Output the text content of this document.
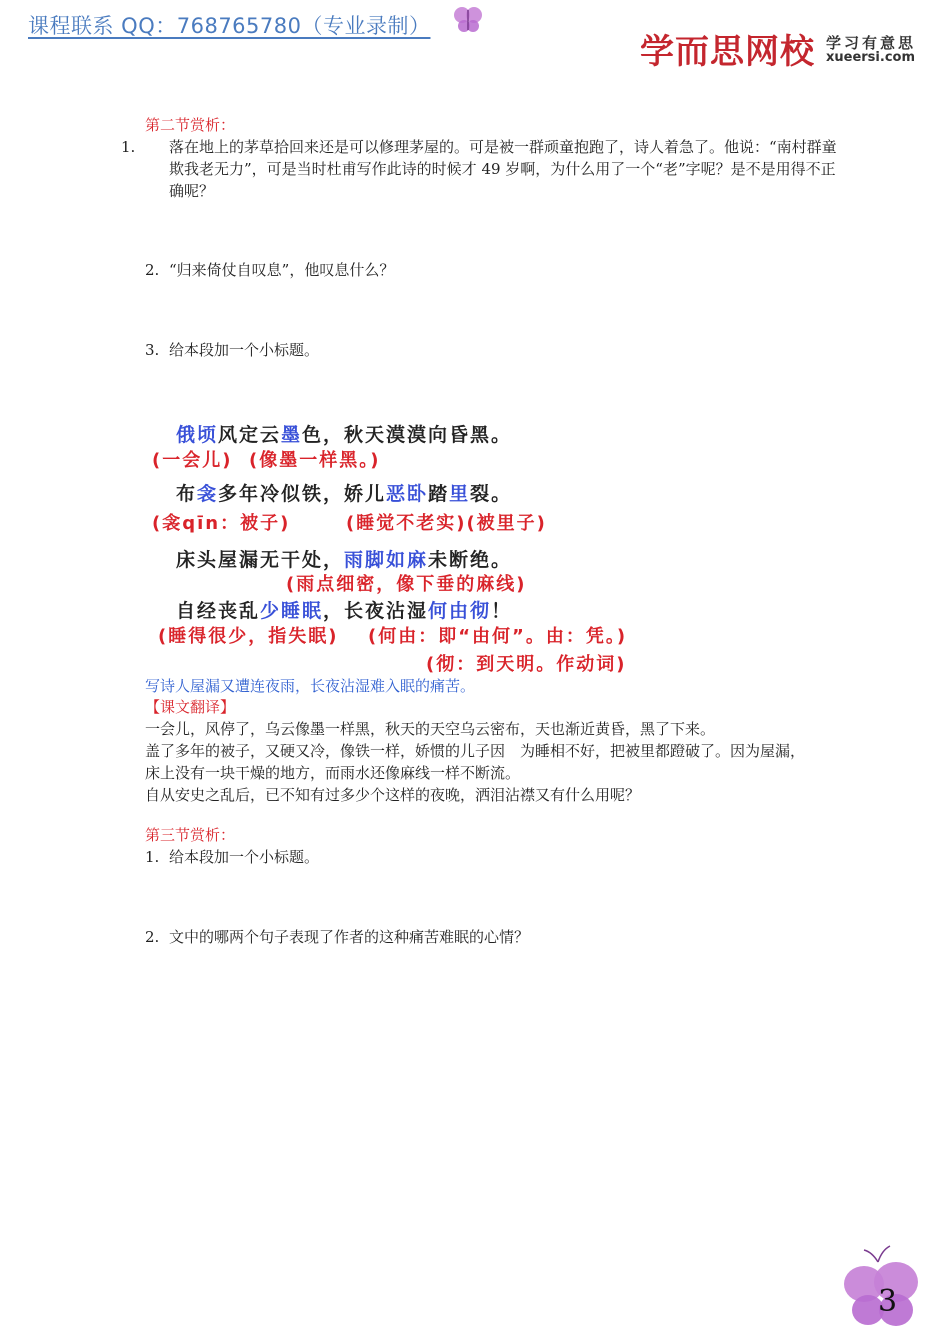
课程联系 QQ：768765780（专业录制）
学而思网校 学习有意思
xueersi.com
第二节赏析：
1. 落在地上的茅草拾回来还是可以修理茅屋的。可是被一群顽童抱跑了，诗人着急了。他说：“南村群童欺我老无力”，可是当时杜甫写作此诗的时候才 49 岁啊，为什么用了一个“老”字呢？是不是用得不正确呢？
2. “归来倚仗自叹息”，他叹息什么？
3. 给本段加一个小标题。
俄顷风定云墨色，秋天漠漠向昏黑。
(一会儿)  (像墨一样黑。)
布衾多年冷似铁，娇儿恶卧踏里裂。
(衾qīn：被子)	(睡觉不老实)(被里子)
床头屋漏无干处，雨脚如麻未断绝。
(雨点细密，像下垂的麻线)
自经丧乱少睡眠，长夜沾湿何由彻！
(睡得很少，指失眠) (何由：即“由何”。由：凭。)
(彻：到天明。作动词)
写诗人屋漏又遭连夜雨，长夜沾湿难入眠的痛苦。
【课文翻译】
一会儿，风停了，乌云像墨一样黑，秋天的天空乌云密布，天也渐近黄昏，黑了下来。
盖了多年的被子，又硬又冷，像铁一样，娇惯的儿子因　为睡相不好，把被里都蹬破了。因为屋漏，床上没有一块干燥的地方，而雨水还像麻线一样不断流。
自从安史之乱后，已不知有过多少个这样的夜晚，洒泪沾襟又有什么用呢？
第三节赏析：
1. 给本段加一个小标题。
2. 文中的哪两个句子表现了作者的这种痛苦难眠的心情？
3
